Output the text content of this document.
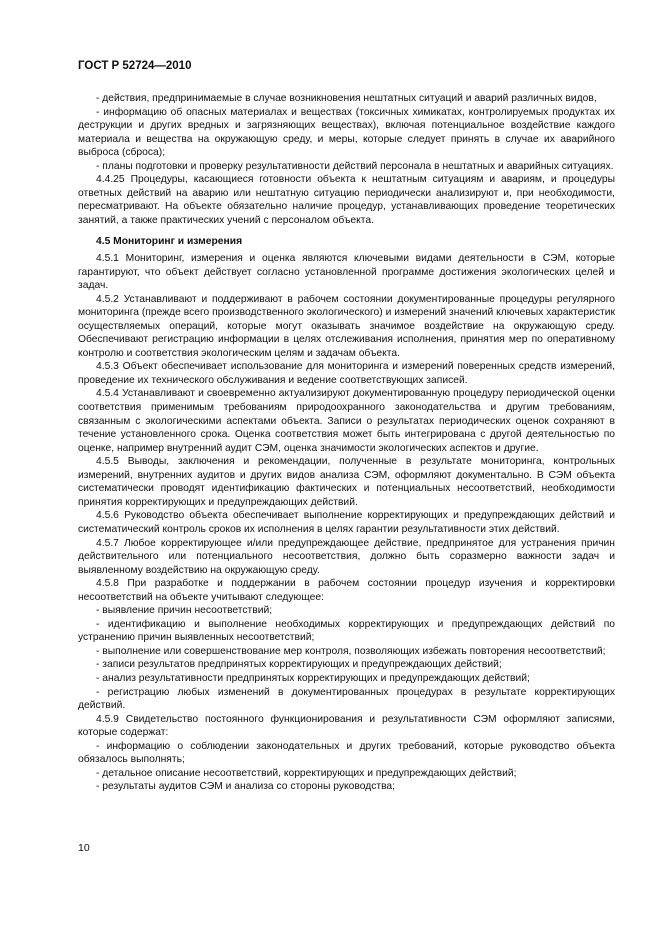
ГОСТ Р 52724—2010

- действия, предпринимаемые в случае возникновения нештатных ситуаций и аварий различных видов,

- информацию об опасных материалах и веществах (токсичных химикатах, контролируемых продуктах их деструкции и других вредных и загрязняющих веществах), включая потенциальное воздействие каждого материала и вещества на окружающую среду, и меры, которые следует принять в случае их аварийного выброса (сброса);

- планы подготовки и проверку результативности действий персонала в нештатных и аварийных ситуациях.

4.4.25 Процедуры, касающиеся готовности объекта к нештатным ситуациям и авариям, и процедуры ответных действий на аварию или нештатную ситуацию периодически анализируют и, при необходимости, пересматривают. На объекте обязательно наличие процедур, устанавливающих проведение теоретических занятий, а также практических учений с персоналом объекта.

4.5 Мониторинг и измерения

4.5.1 Мониторинг, измерения и оценка являются ключевыми видами деятельности в СЭМ, которые гарантируют, что объект действует согласно установленной программе достижения экологических целей и задач.

4.5.2 Устанавливают и поддерживают в рабочем состоянии документированные процедуры регулярного мониторинга (прежде всего производственного экологического) и измерений значений ключевых характеристик осуществляемых операций, которые могут оказывать значимое воздействие на окружающую среду. Обеспечивают регистрацию информации в целях отслеживания исполнения, принятия мер по оперативному контролю и соответствия экологическим целям и задачам объекта.

4.5.3 Объект обеспечивает использование для мониторинга и измерений поверенных средств измерений, проведение их технического обслуживания и ведение соответствующих записей.

4.5.4 Устанавливают и своевременно актуализируют документированную процедуру периодической оценки соответствия применимым требованиям природоохранного законодательства и другим требованиям, связанным с экологическими аспектами объекта. Записи о результатах периодических оценок сохраняют в течение установленного срока. Оценка соответствия может быть интегрирована с другой деятельностью по оценке, например внутренний аудит СЭМ, оценка значимости экологических аспектов и другие.

4.5.5 Выводы, заключения и рекомендации, полученные в результате мониторинга, контрольных измерений, внутренних аудитов и других видов анализа СЭМ, оформляют документально. В СЭМ объекта систематически проводят идентификацию фактических и потенциальных несоответствий, необходимости принятия корректирующих и предупреждающих действий.

4.5.6 Руководство объекта обеспечивает выполнение корректирующих и предупреждающих действий и систематический контроль сроков их исполнения в целях гарантии результативности этих действий.

4.5.7 Любое корректирующее и/или предупреждающее действие, предпринятое для устранения причин действительного или потенциального несоответствия, должно быть соразмерно важности задач и выявленному воздействию на окружающую среду.

4.5.8 При разработке и поддержании в рабочем состоянии процедур изучения и корректировки несоответствий на объекте учитывают следующее:

- выявление причин несоответствий;

- идентификацию и выполнение необходимых корректирующих и предупреждающих действий по устранению причин выявленных несоответствий;

- выполнение или совершенствование мер контроля, позволяющих избежать повторения несоответствий;

- записи результатов предпринятых корректирующих и предупреждающих действий;

- анализ результативности предпринятых корректирующих и предупреждающих действий;

- регистрацию любых изменений в документированных процедурах в результате корректирующих действий.

4.5.9 Свидетельство постоянного функционирования и результативности СЭМ оформляют записями, которые содержат:

- информацию о соблюдении законодательных и других требований, которые руководство объекта обязалось выполнять;

- детальное описание несоответствий, корректирующих и предупреждающих действий;

- результаты аудитов СЭМ и анализа со стороны руководства;

10
